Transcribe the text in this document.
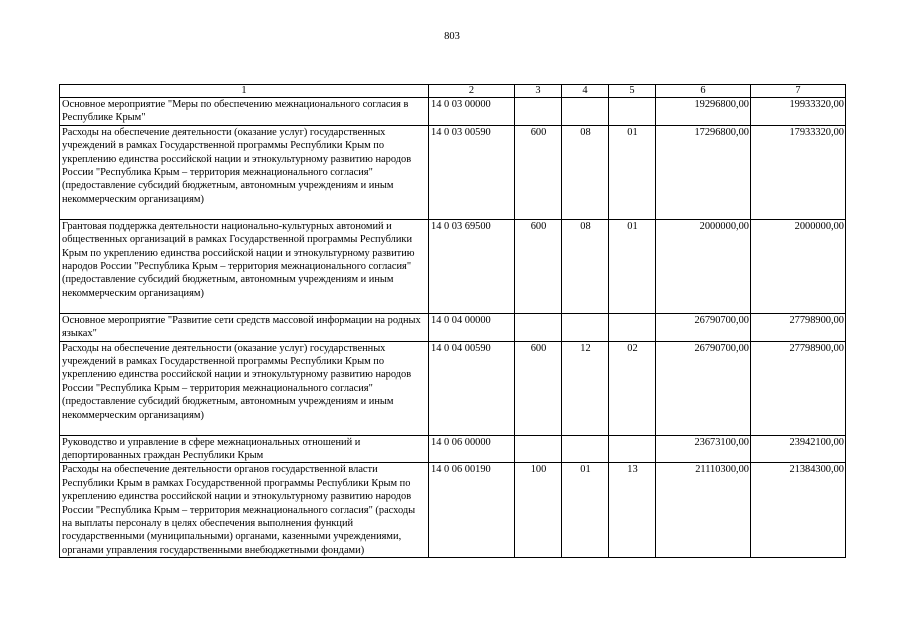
803
1	2	3	4	5	6	7
Основное мероприятие "Меры по обеспечению межнационального согласия в Республике Крым"	14 0 03 00000				19296800,00	19933320,00
Расходы на обеспечение деятельности (оказание услуг) государственных учреждений в рамках Государственной программы Республики Крым по укреплению единства российской нации и этнокультурному развитию народов России "Республика Крым – территория межнационального согласия" (предоставление субсидий бюджетным, автономным учреждениям и иным некоммерческим организациям)	14 0 03 00590	600	08	01	17296800,00	17933320,00
Грантовая поддержка деятельности национально-культурных автономий и общественных организаций в рамках Государственной программы Республики Крым по укреплению единства российской нации и этнокультурному развитию народов России "Республика Крым – территория межнационального согласия" (предоставление субсидий бюджетным, автономным учреждениям и иным некоммерческим организациям)	14 0 03 69500	600	08	01	2000000,00	2000000,00
Основное мероприятие "Развитие сети средств массовой информации на родных языках"	14 0 04 00000				26790700,00	27798900,00
Расходы на обеспечение деятельности (оказание услуг) государственных учреждений в рамках Государственной программы Республики Крым по укреплению единства российской нации и этнокультурному развитию народов России "Республика Крым – территория межнационального согласия" (предоставление субсидий бюджетным, автономным учреждениям и иным некоммерческим организациям)	14 0 04 00590	600	12	02	26790700,00	27798900,00
Руководство и управление в сфере межнациональных отношений и депортированных граждан Республики Крым	14 0 06 00000				23673100,00	23942100,00
Расходы на обеспечение деятельности органов государственной власти Республики Крым в рамках Государственной программы Республики Крым по укреплению единства российской нации и этнокультурному развитию народов России "Республика Крым – территория межнационального согласия" (расходы на выплаты персоналу в целях обеспечения выполнения функций государственными (муниципальными) органами, казенными учреждениями, органами управления государственными внебюджетными фондами)	14 0 06 00190	100	01	13	21110300,00	21384300,00
